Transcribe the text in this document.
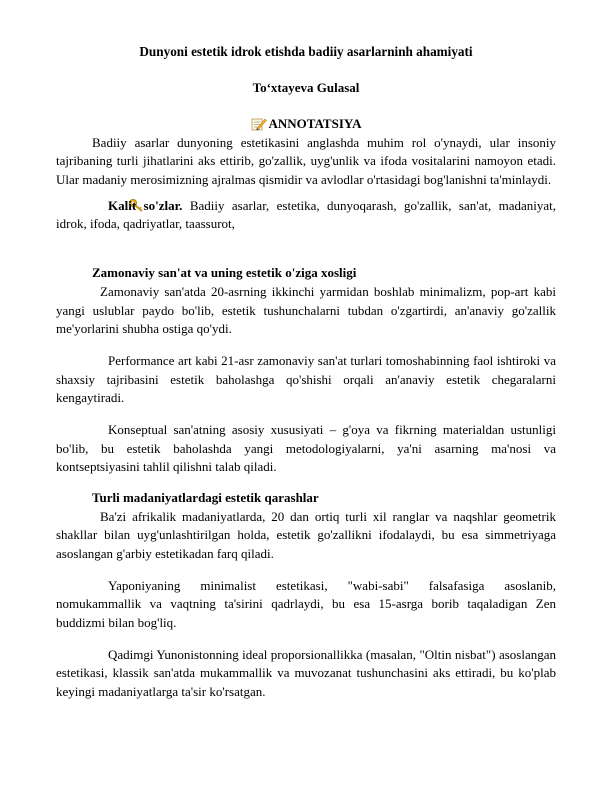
Dunyoni estetik idrok etishda badiiy asarlarninh ahamiyati

To‘xtayeva Gulasal

ANNOTATSIYA

Badiiy asarlar dunyoning estetikasini anglashda muhim rol o'ynaydi, ular insoniy tajribaning turli jihatlarini aks ettirib, go'zallik, uyg'unlik va ifoda vositalarini namoyon etadi. Ular madaniy merosimizning ajralmas qismidir va avlodlar o'rtasidagi bog'lanishni ta'minlaydi.

Kalit so'zlar. Badiiy asarlar, estetika, dunyoqarash, go'zallik, san'at, madaniyat, idrok, ifoda, qadriyatlar, taassurot,

Zamonaviy san'at va uning estetik o'ziga xosligi

Zamonaviy san'atda 20-asrning ikkinchi yarmidan boshlab minimalizm, pop-art kabi yangi uslublar paydo bo'lib, estetik tushunchalarni tubdan o'zgartirdi, an'anaviy go'zallik me'yorlarini shubha ostiga qo'ydi.

Performance art kabi 21-asr zamonaviy san'at turlari tomoshabinning faol ishtiroki va shaxsiy tajribasini estetik baholashga qo'shishi orqali an'anaviy estetik chegaralarni kengaytiradi.

Konseptual san'atning asosiy xususiyati – g'oya va fikrning materialdan ustunligi bo'lib, bu estetik baholashda yangi metodologiyalarni, ya'ni asarning ma'nosi va kontseptsiyasini tahlil qilishni talab qiladi.

Turli madaniyatlardagi estetik qarashlar

Ba'zi afrikalik madaniyatlarda, 20 dan ortiq turli xil ranglar va naqshlar geometrik shakllar bilan uyg'unlashtirilgan holda, estetik go'zallikni ifodalaydi, bu esa simmetriyaga asoslangan g'arbiy estetikadan farq qiladi.

Yaponiyaning minimalist estetikasi, "wabi-sabi" falsafasiga asoslanib, nomukammallik va vaqtning ta'sirini qadrlaydi, bu esa 15-asrga borib taqaladigan Zen buddizmi bilan bog'liq.

Qadimgi Yunonistonning ideal proporsionallikka (masalan, "Oltin nisbat") asoslangan estetikasi, klassik san'atda mukammallik va muvozanat tushunchasini aks ettiradi, bu ko'plab keyingi madaniyatlarga ta'sir ko'rsatgan.
